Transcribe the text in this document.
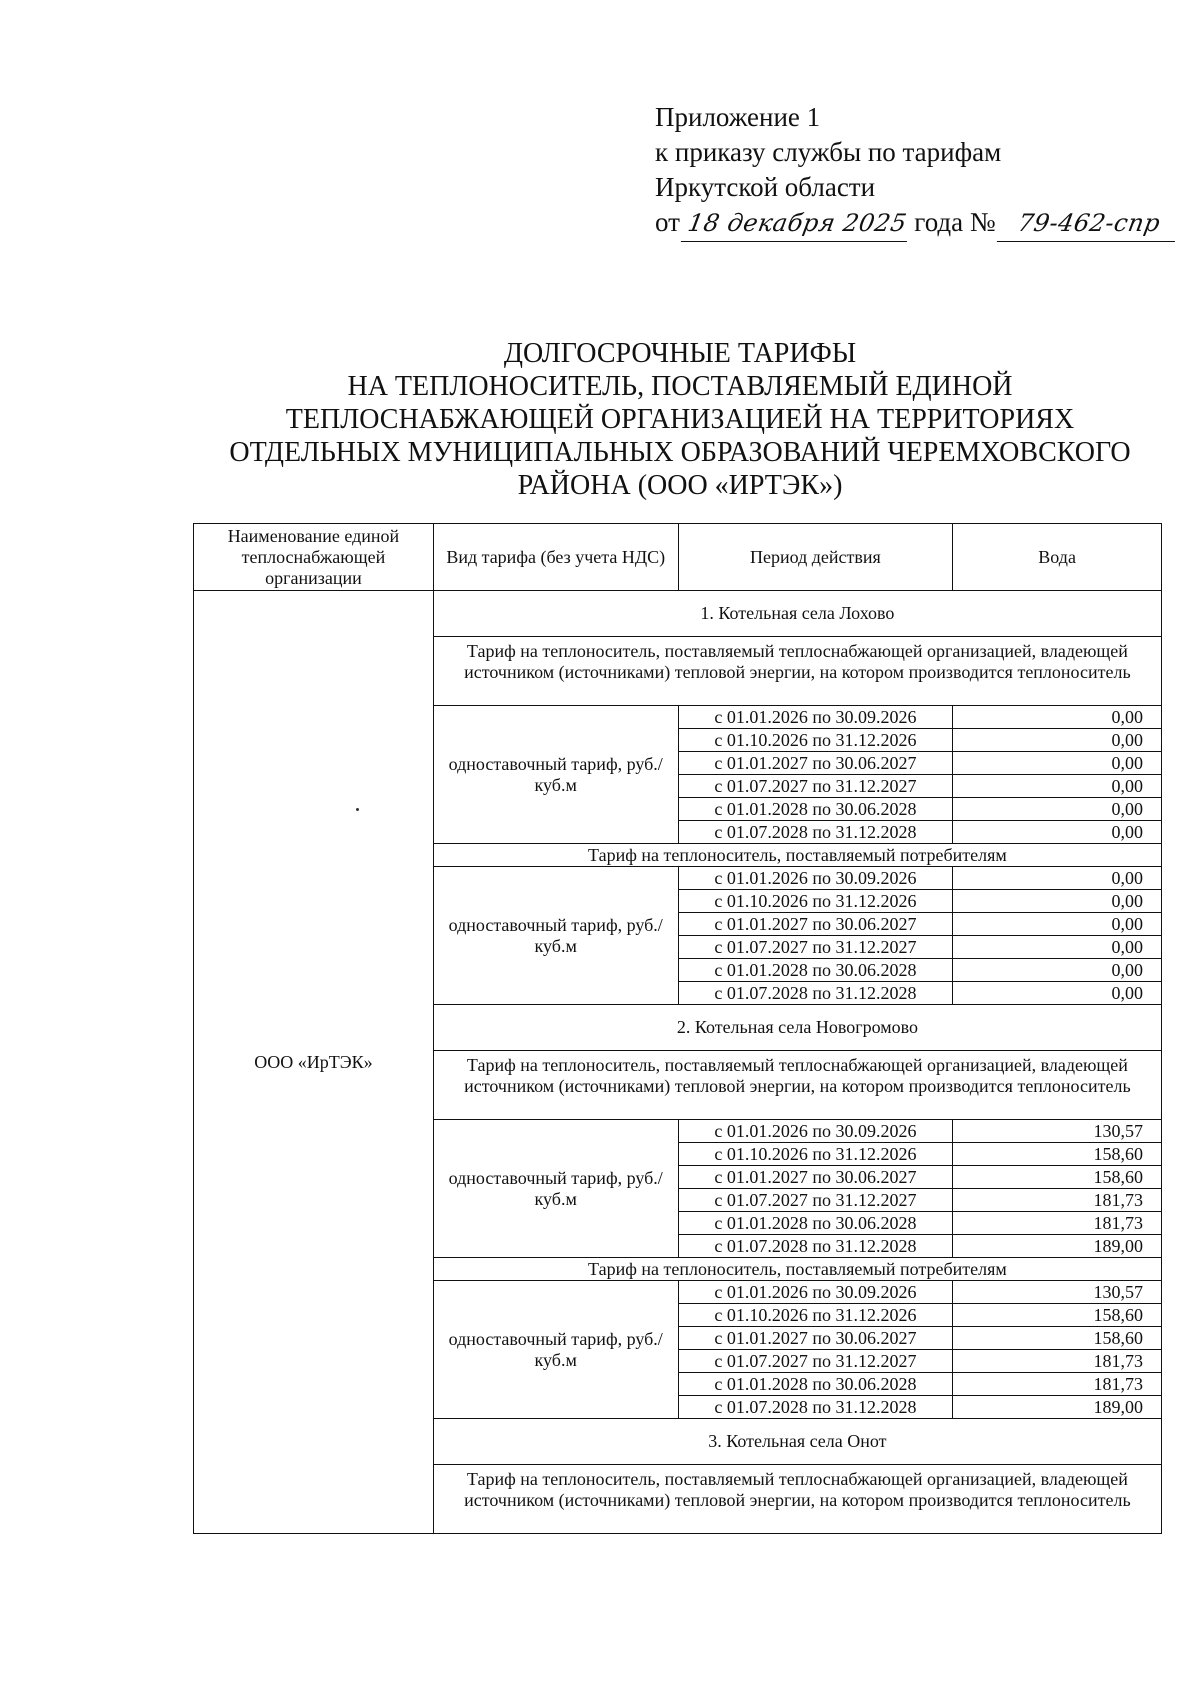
Приложение 1
к приказу службы по тарифам
Иркутской области
от 18 декабря 2025 года № 79-462-спр
ДОЛГОСРОЧНЫЕ ТАРИФЫ
НА ТЕПЛОНОСИТЕЛЬ, ПОСТАВЛЯЕМЫЙ ЕДИНОЙ
ТЕПЛОСНАБЖАЮЩЕЙ ОРГАНИЗАЦИЕЙ НА ТЕРРИТОРИЯХ
ОТДЕЛЬНЫХ МУНИЦИПАЛЬНЫХ ОБРАЗОВАНИЙ ЧЕРЕМХОВСКОГО
РАЙОНА (ООО «ИРТЭК»)
Наименование единой теплоснабжающей организации	Вид тарифа (без учета НДС)	Период действия	Вода
ООО «ИрТЭК»	1. Котельная села Лохово		
	Тариф на теплоноситель, поставляемый теплоснабжающей организацией, владеющей источником (источниками) тепловой энергии, на котором производится теплоноситель		
	одноставочный тариф, руб./куб.м	с 01.01.2026 по 30.09.2026	0,00
		с 01.10.2026 по 31.12.2026	0,00
		с 01.01.2027 по 30.06.2027	0,00
		с 01.07.2027 по 31.12.2027	0,00
		с 01.01.2028 по 30.06.2028	0,00
		с 01.07.2028 по 31.12.2028	0,00
	Тариф на теплоноситель, поставляемый потребителям		
	одноставочный тариф, руб./куб.м	с 01.01.2026 по 30.09.2026	0,00
		с 01.10.2026 по 31.12.2026	0,00
		с 01.01.2027 по 30.06.2027	0,00
		с 01.07.2027 по 31.12.2027	0,00
		с 01.01.2028 по 30.06.2028	0,00
		с 01.07.2028 по 31.12.2028	0,00
	2. Котельная села Новогромово		
	Тариф на теплоноситель, поставляемый теплоснабжающей организацией, владеющей источником (источниками) тепловой энергии, на котором производится теплоноситель		
	одноставочный тариф, руб./куб.м	с 01.01.2026 по 30.09.2026	130,57
		с 01.10.2026 по 31.12.2026	158,60
		с 01.01.2027 по 30.06.2027	158,60
		с 01.07.2027 по 31.12.2027	181,73
		с 01.01.2028 по 30.06.2028	181,73
		с 01.07.2028 по 31.12.2028	189,00
	Тариф на теплоноситель, поставляемый потребителям		
	одноставочный тариф, руб./куб.м	с 01.01.2026 по 30.09.2026	130,57
		с 01.10.2026 по 31.12.2026	158,60
		с 01.01.2027 по 30.06.2027	158,60
		с 01.07.2027 по 31.12.2027	181,73
		с 01.01.2028 по 30.06.2028	181,73
		с 01.07.2028 по 31.12.2028	189,00
	3. Котельная села Онот		
	Тариф на теплоноситель, поставляемый теплоснабжающей организацией, владеющей источником (источниками) тепловой энергии, на котором производится теплоноситель		
